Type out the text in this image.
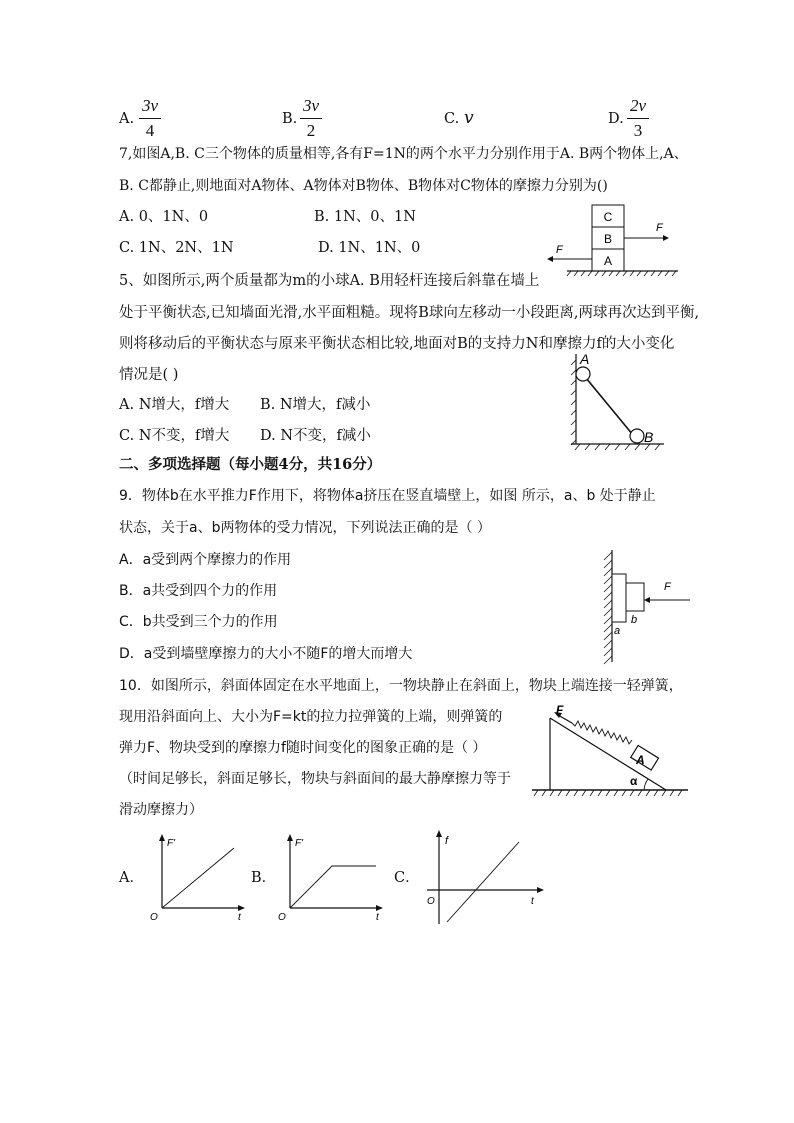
A. $\frac{3v}{4}$	B. $\frac{3v}{2}$	C. v	D. $\frac{2v}{3}$
7,如图A,B. C三个物体的质量相等,各有F=1N的两个水平力分别作用于A. B两个物体上,A、
B. C都静止,则地面对A物体、A物体对B物体、B物体对C物体的摩擦力分别为()
A. 0、1N、0	B. 1N、0、1N
C. 1N、2N、1N	D. 1N、1N、0
C
B
A
F
F
5、如图所示,两个质量都为m的小球A. B用轻杆连接后斜靠在墙上
处于平衡状态,已知墙面光滑,水平面粗糙。现将B球向左移动一小段距离,两球再次达到平衡,
则将移动后的平衡状态与原来平衡状态相比较,地面对B的支持力N和摩擦力f的大小变化
情况是( )
A. N增大，f增大 B. N增大，f减小
C. N不变，f增大 D. N不变，f减小
A
B
二、多项选择题（每小题4分，共16分）
9．物体b在水平推力F作用下，将物体a挤压在竖直墙壁上，如图 所示，a、b 处于静止
状态，关于a、b两物体的受力情况，下列说法正确的是（ ）
A．a受到两个摩擦力的作用
B．a共受到四个力的作用
C．b共受到三个力的作用
D．a受到墙壁摩擦力的大小不随F的增大而增大
F
a
b
10．如图所示，斜面体固定在水平地面上，一物块静止在斜面上，物块上端连接一轻弹簧，
现用沿斜面向上、大小为F=kt的拉力拉弹簧的上端，则弹簧的
弹力F、物块受到的摩擦力f随时间变化的图象正确的是（ ）
（时间足够长，斜面足够长，物块与斜面间的最大静摩擦力等于
滑动摩擦力）
α
A
F
A．
F'
O	t
B．
F'
O	t
C．
f
O	t
